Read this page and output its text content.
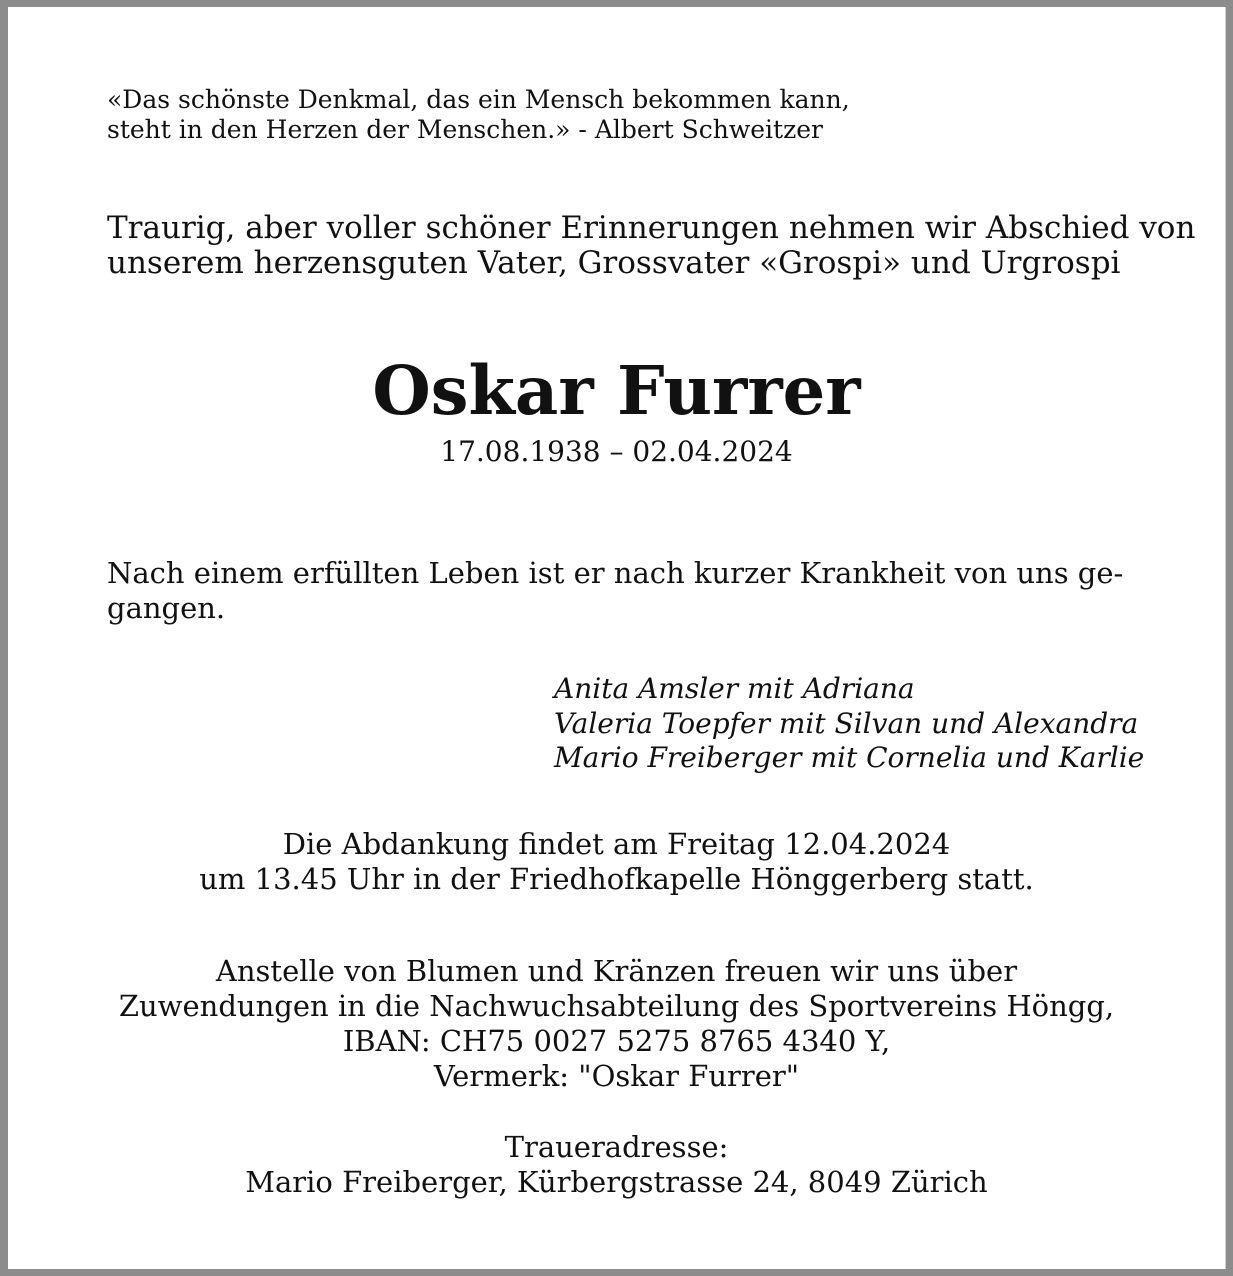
«Das schönste Denkmal, das ein Mensch bekommen kann,
steht in den Herzen der Menschen.» - Albert Schweitzer

Traurig, aber voller schöner Erinnerungen nehmen wir Abschied von
unserem herzensguten Vater, Grossvater «Grospi» und Urgrospi

Oskar Furrer
17.08.1938 – 02.04.2024

Nach einem erfüllten Leben ist er nach kurzer Krankheit von uns ge-
gangen.

Anita Amsler mit Adriana
Valeria Toepfer mit Silvan und Alexandra
Mario Freiberger mit Cornelia und Karlie

Die Abdankung findet am Freitag 12.04.2024
um 13.45 Uhr in der Friedhofkapelle Hönggerberg statt.

Anstelle von Blumen und Kränzen freuen wir uns über
Zuwendungen in die Nachwuchsabteilung des Sportvereins Höngg,
IBAN: CH75 0027 5275 8765 4340 Y,
Vermerk: "Oskar Furrer"

Traueradresse:
Mario Freiberger, Kürbergstrasse 24, 8049 Zürich
